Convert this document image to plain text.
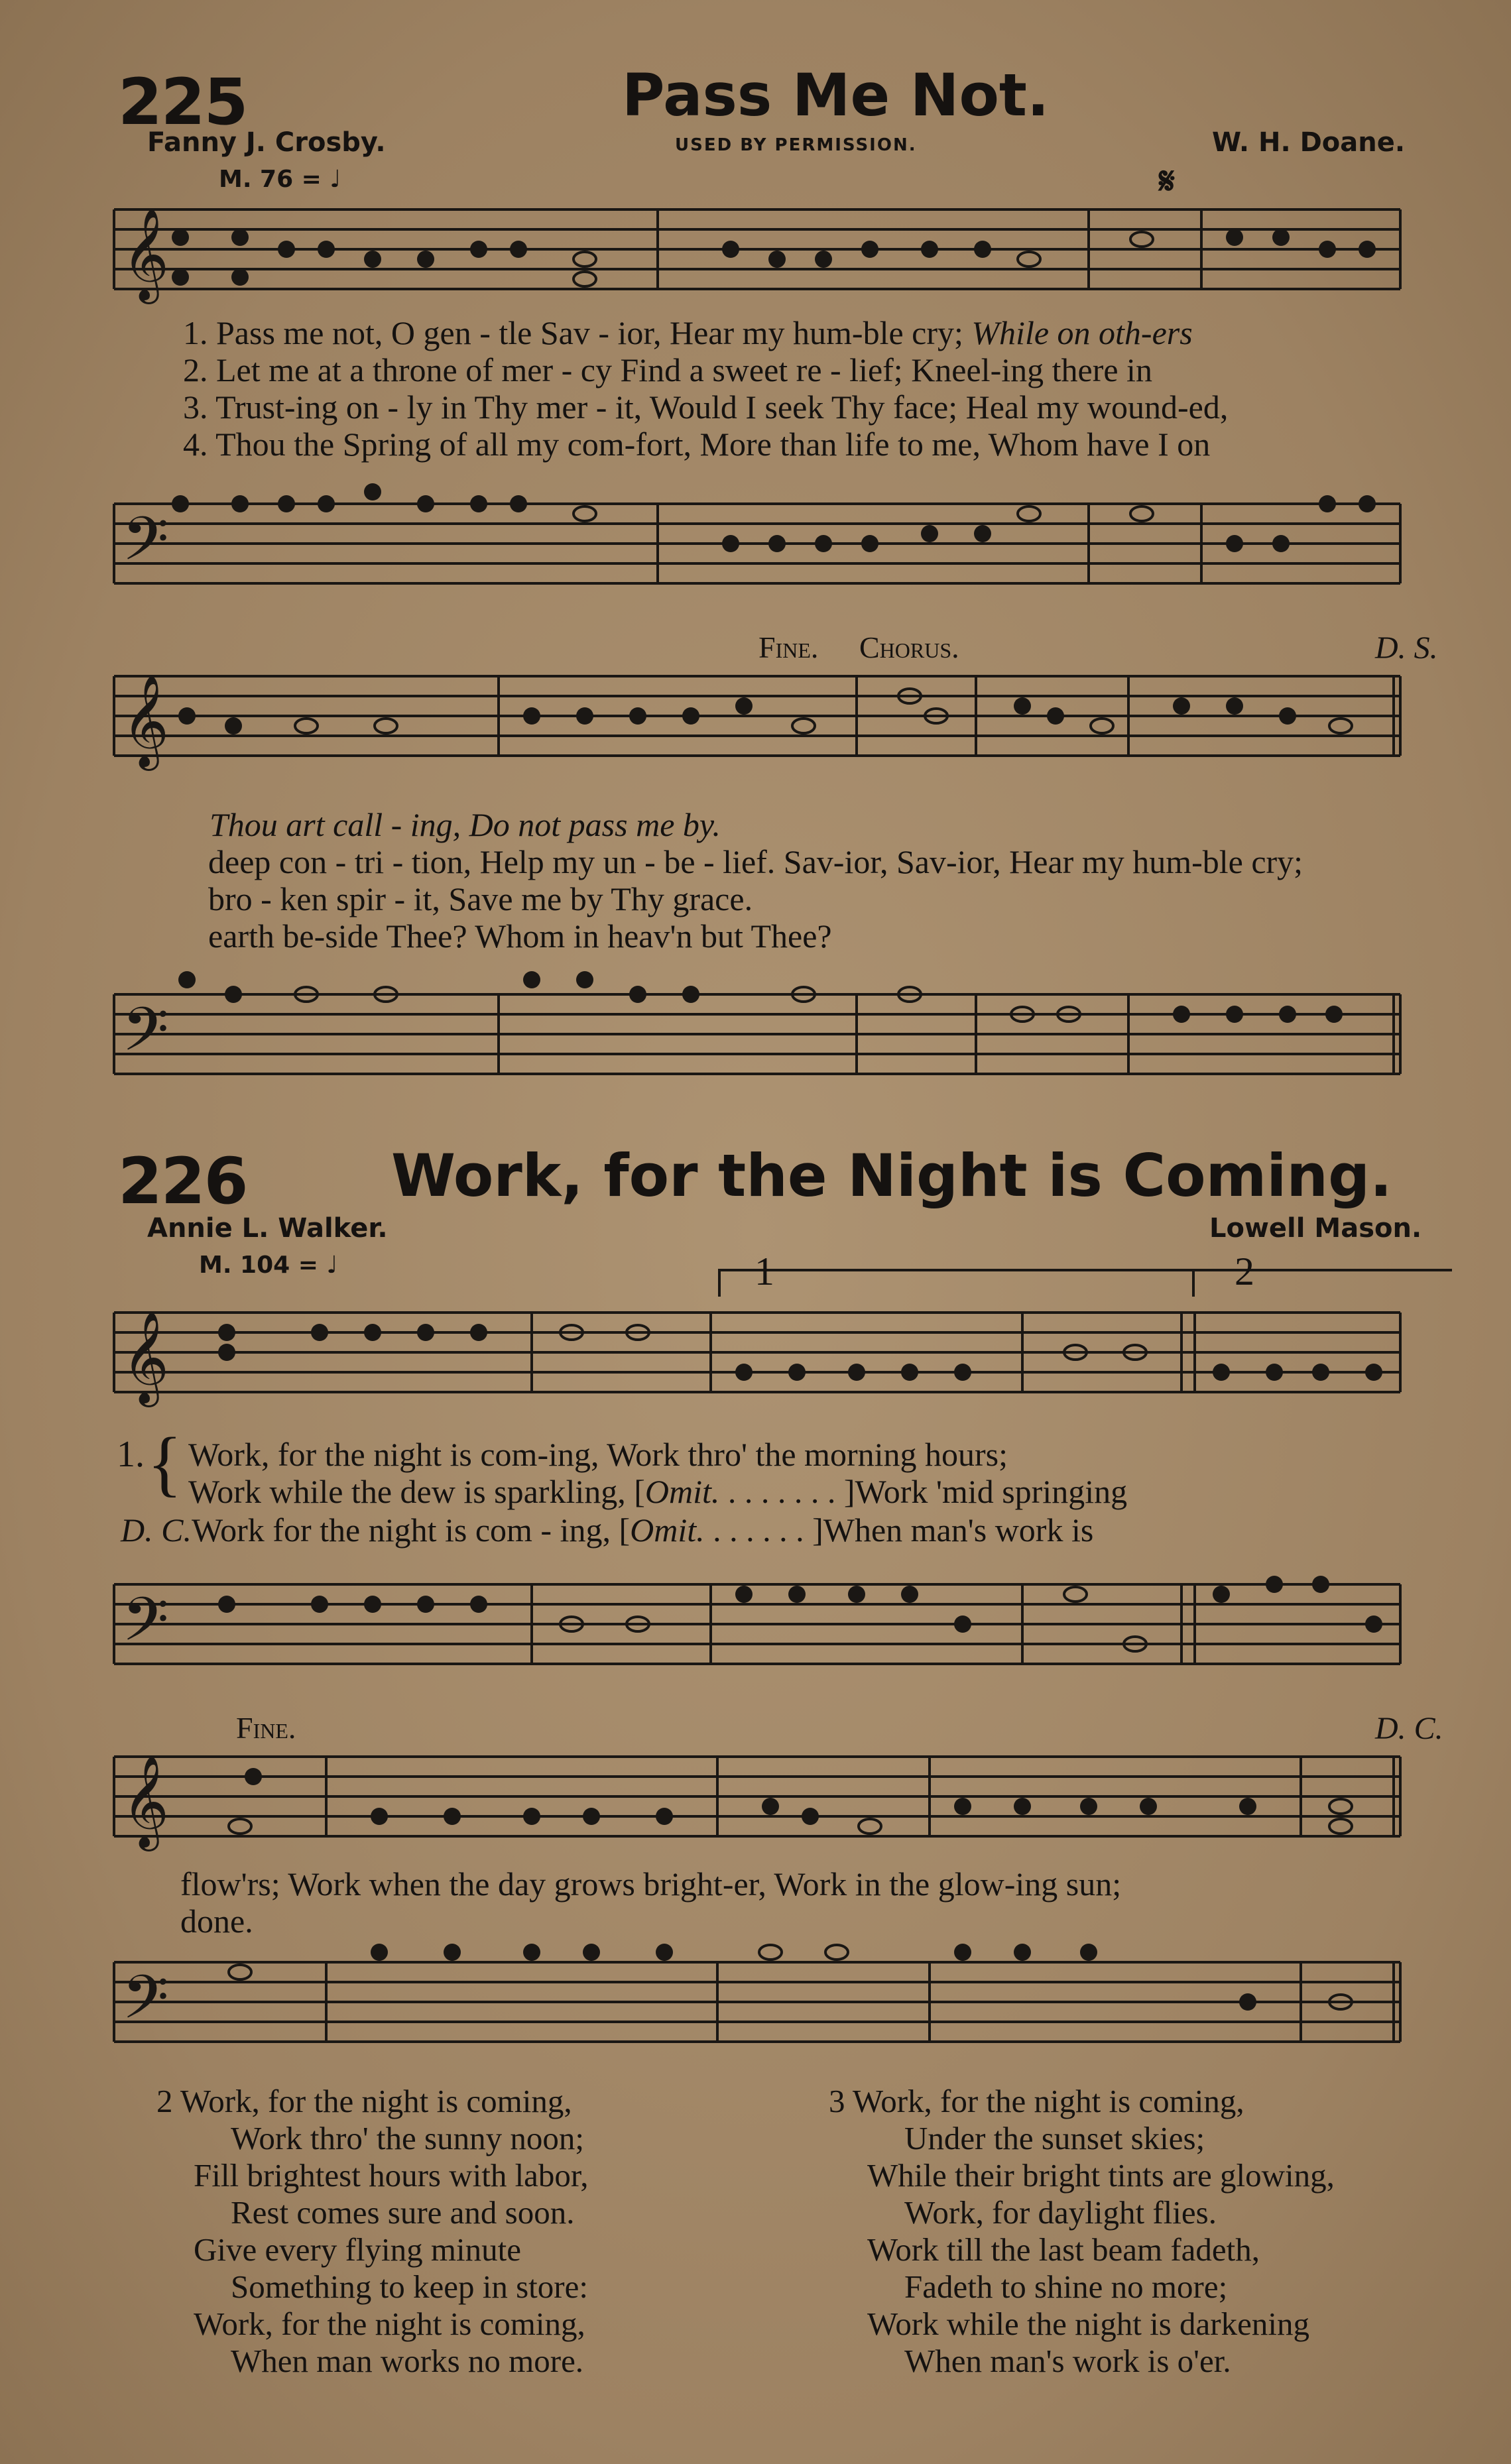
225	Pass Me Not.
Fanny J. Crosby.	USED BY PERMISSION.	W. H. Doane.
M. 76 = ♩	𝄋
𝄞
1. Pass me not, O gen - tle Sav - ior, Hear my hum-ble cry; While on oth-ers
2. Let me at a throne of mer - cy Find a sweet re - lief; Kneel-ing there in
3. Trust-ing on - ly in Thy mer - it, Would I seek Thy face; Heal my wound-ed,
4. Thou the Spring of all my com-fort, More than life to me, Whom have I on
𝄢
Fine. Chorus.	D. S.
𝄞
Thou art call - ing, Do not pass me by.
deep con - tri - tion, Help my un - be - lief. Sav-ior, Sav-ior, Hear my hum-ble cry;
bro - ken spir - it, Save me by Thy grace.
earth be-side Thee? Whom in heav'n but Thee?
𝄢
226 Work, for the Night is Coming.
Annie L. Walker.	Lowell Mason.
M. 104 = ♩	1	2
𝄞
1. { Work, for the night is com-ing, Work thro' the morning hours;
Work while the dew is sparkling, [Omit. . . . . . . . ]Work 'mid springing
D. C.Work for the night is com - ing, [Omit. . . . . . . ]When man's work is
𝄢
Fine.	D. C.
𝄞
flow'rs; Work when the day grows bright-er, Work in the glow-ing sun;
done.
𝄢
2 Work, for the night is coming,
Work thro' the sunny noon;
Fill brightest hours with labor,
Rest comes sure and soon.
Give every flying minute
Something to keep in store:
Work, for the night is coming,
When man works no more.
3 Work, for the night is coming,
Under the sunset skies;
While their bright tints are glowing,
Work, for daylight flies.
Work till the last beam fadeth,
Fadeth to shine no more;
Work while the night is darkening
When man's work is o'er.
